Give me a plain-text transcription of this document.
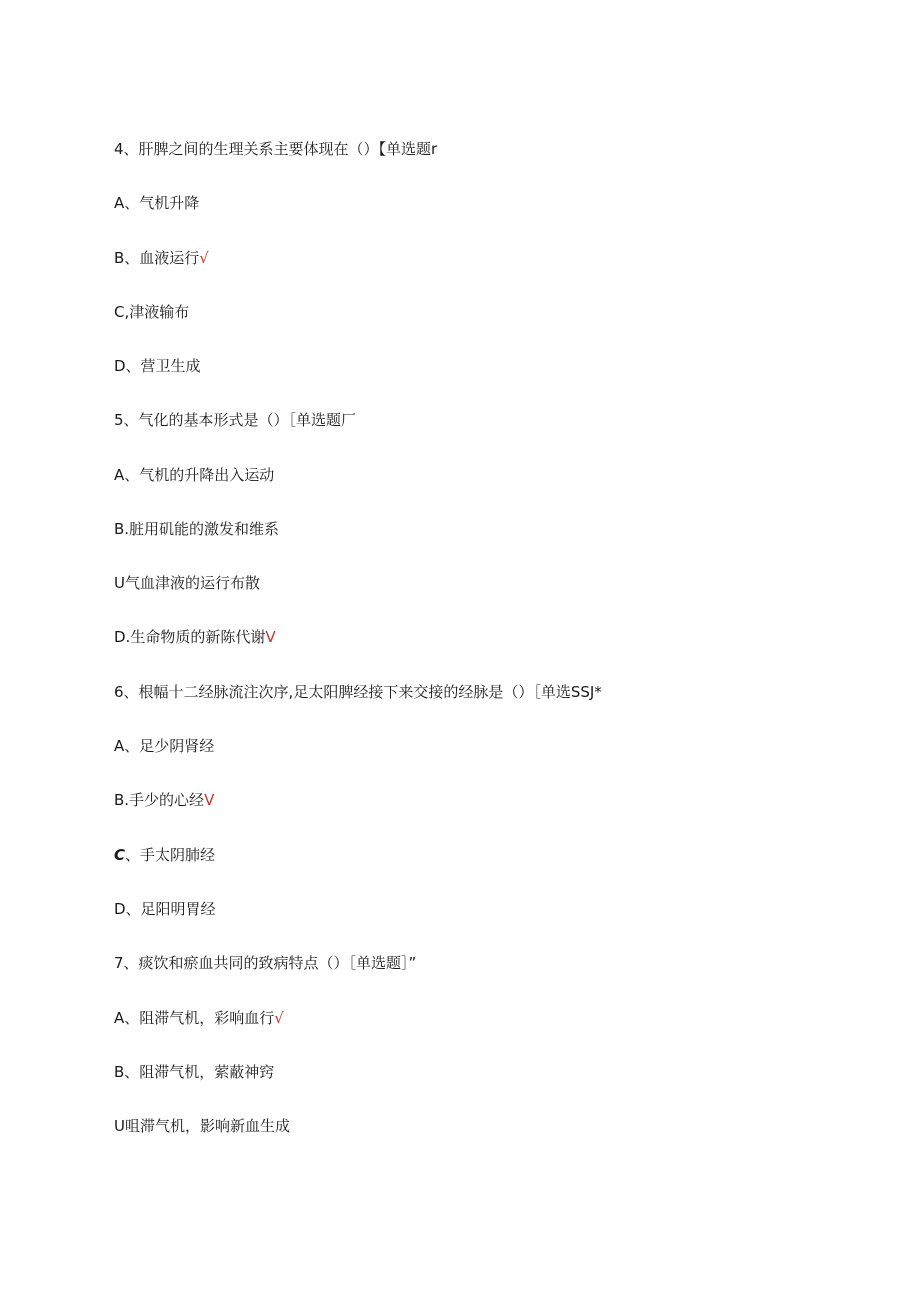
4、肝脾之间的生理关系主要体现在（）【单选题r
A、气机升降
B、血液运行√
C,津液输布
D、营卫生成
5、气化的基本形式是（）［单选题厂
A、气机的升降出入运动
B.脏用矶能的激发和维系
U气血津液的运行布散
D.生命物质的新陈代谢V
6、根幅十二经脉流注次序,足太阳脾经接下来交接的经脉是（）［单选SSJ*
A、足少阴肾经
B.手少的心经V
C、手太阴肺经
D、足阳明胃经
7、痰饮和瘀血共同的致病特点（）［单选题］”
A、阻滞气机，彩响血行√
B、阻滞气机，萦蔽神窍
U咀滞气机，影响新血生成
